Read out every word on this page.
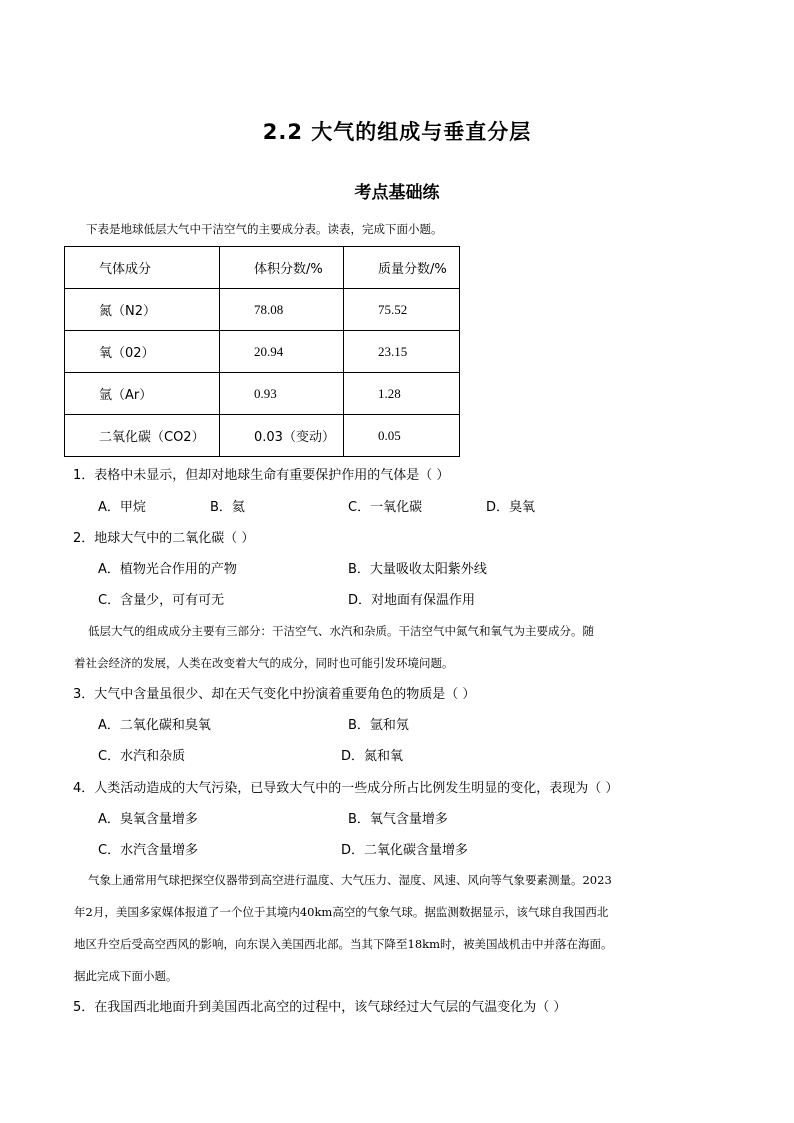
2.2 大气的组成与垂直分层
考点基础练
下表是地球低层大气中干洁空气的主要成分表。读表，完成下面小题。
气体成分	体积分数/%	质量分数/%
氮（N2）	78.08	75.52
氧（02）	20.94	23.15
氩（Ar）	0.93	1.28
二氧化碳（CO2）	0.03（变动）	0.05
1．表格中未显示，但却对地球生命有重要保护作用的气体是（ ）
A．甲烷	B．氦	C．一氧化碳	D．臭氧
2．地球大气中的二氧化碳（ ）
A．植物光合作用的产物	B．大量吸收太阳紫外线
C．含量少，可有可无	D．对地面有保温作用

低层大气的组成成分主要有三部分：干洁空气、水汽和杂质。干洁空气中氮气和氧气为主要成分。随

着社会经济的发展，人类在改变着大气的成分，同时也可能引发环境问题。

3．大气中含量虽很少、却在天气变化中扮演着重要角色的物质是（ ）
A．二氧化碳和臭氧	B．氩和氖
C．水汽和杂质	D．氮和氧
4．人类活动造成的大气污染，已导致大气中的一些成分所占比例发生明显的变化，表现为（ ）
A．臭氧含量增多	B．氧气含量增多
C．水汽含量增多	D．二氧化碳含量增多

气象上通常用气球把探空仪器带到高空进行温度、大气压力、湿度、风速、风向等气象要素测量。2023

年2月，美国多家媒体报道了一个位于其境内40km高空的气象气球。据监测数据显示，该气球自我国西北

地区升空后受高空西风的影响，向东误入美国西北部。当其下降至18km时，被美国战机击中并落在海面。

据此完成下面小题。

5．在我国西北地面升到美国西北高空的过程中，该气球经过大气层的气温变化为（ ）
